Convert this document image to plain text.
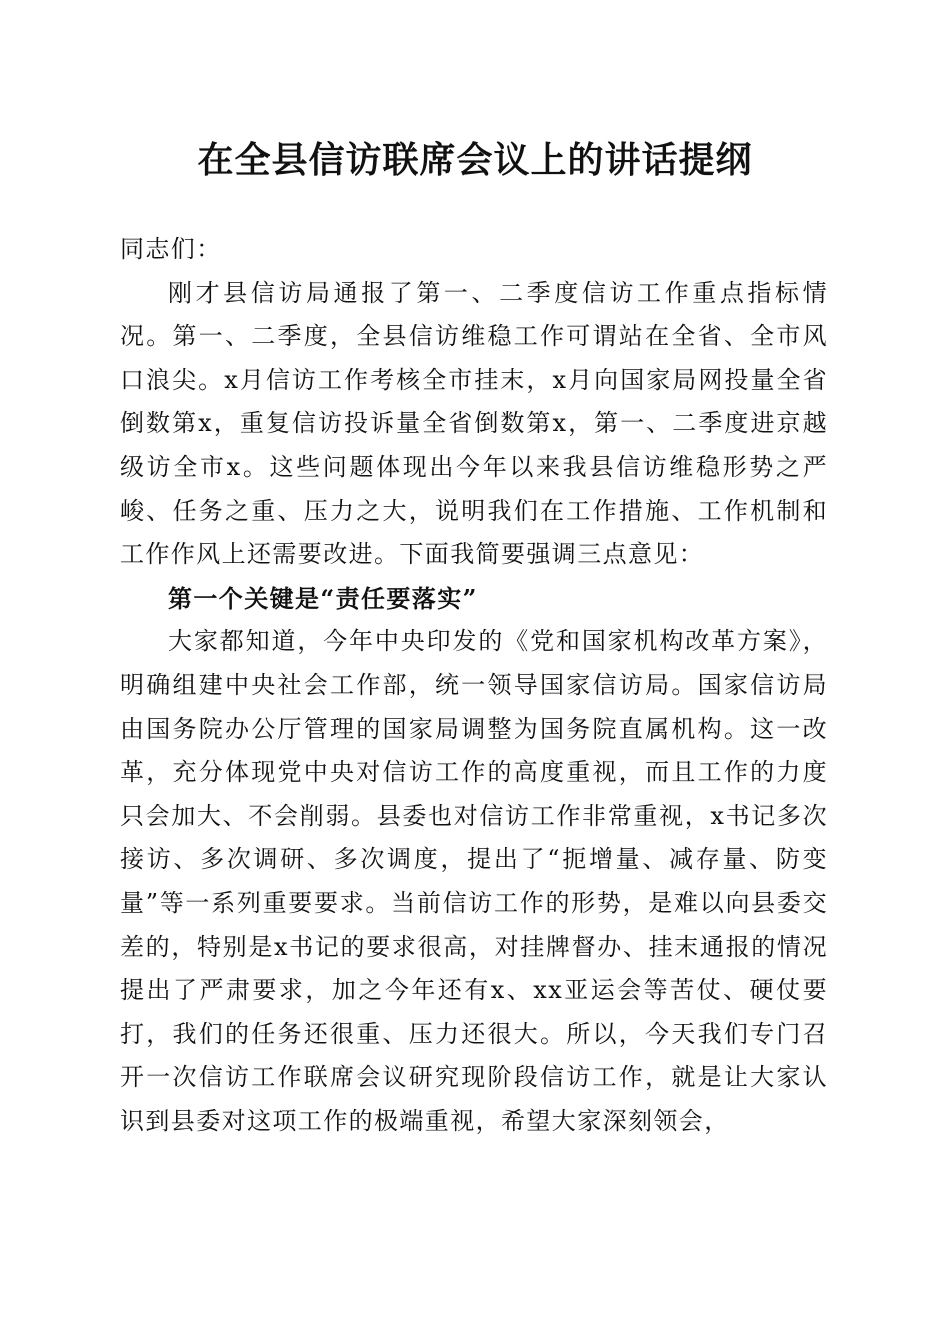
在全县信访联席会议上的讲话提纲

同志们：

刚才县信访局通报了第一、二季度信访工作重点指标情况。第一、二季度，全县信访维稳工作可谓站在全省、全市风口浪尖。x月信访工作考核全市挂末，x月向国家局网投量全省倒数第x，重复信访投诉量全省倒数第x，第一、二季度进京越级访全市x。这些问题体现出今年以来我县信访维稳形势之严峻、任务之重、压力之大，说明我们在工作措施、工作机制和工作作风上还需要改进。下面我简要强调三点意见：

第一个关键是“责任要落实”

大家都知道，今年中央印发的《党和国家机构改革方案》，明确组建中央社会工作部，统一领导国家信访局。国家信访局由国务院办公厅管理的国家局调整为国务院直属机构。这一改革，充分体现党中央对信访工作的高度重视，而且工作的力度只会加大、不会削弱。县委也对信访工作非常重视，x书记多次接访、多次调研、多次调度，提出了“扼增量、减存量、防变量”等一系列重要要求。当前信访工作的形势，是难以向县委交差的，特别是x书记的要求很高，对挂牌督办、挂末通报的情况提出了严肃要求，加之今年还有x、xx亚运会等苦仗、硬仗要打，我们的任务还很重、压力还很大。所以，今天我们专门召开一次信访工作联席会议研究现阶段信访工作，就是让大家认识到县委对这项工作的极端重视，希望大家深刻领会，
